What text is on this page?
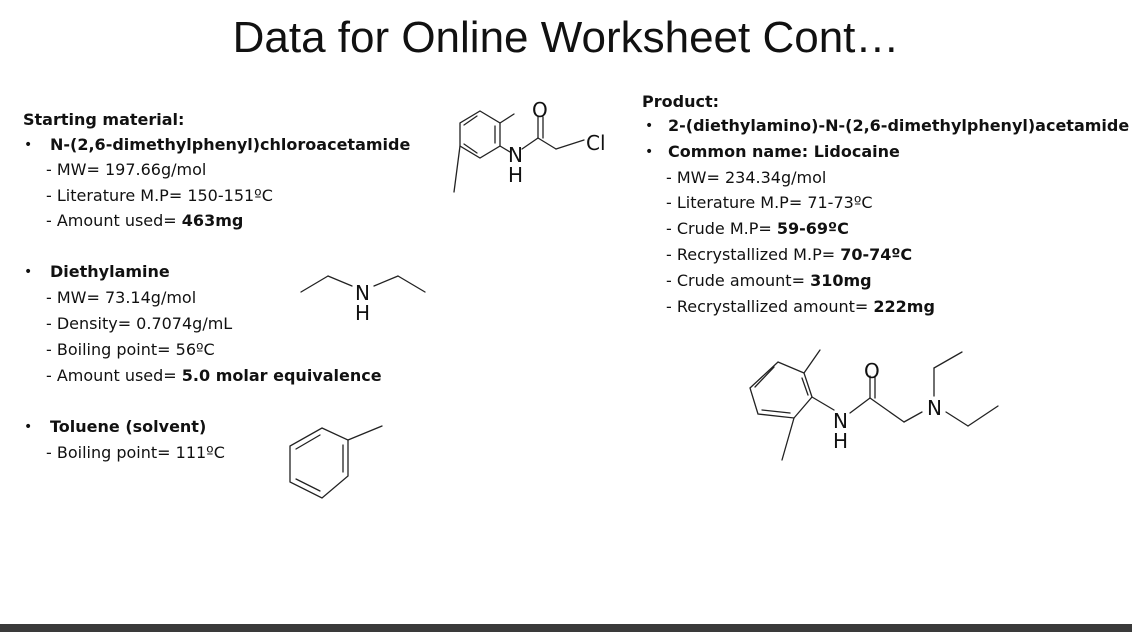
Data for Online Worksheet Cont…
Starting material:
• N-(2,6-dimethylphenyl)chloroacetamide
- MW= 197.66g/mol
- Literature M.P= 150-151ºC
- Amount used= 463mg
• Diethylamine
- MW= 73.14g/mol
- Density= 0.7074g/mL
- Boiling point= 56ºC
- Amount used= 5.0 molar equivalence
• Toluene (solvent)
- Boiling point= 111ºC
Product:
• 2-(diethylamino)-N-(2,6-dimethylphenyl)acetamide
• Common name: Lidocaine
- MW= 234.34g/mol
- Literature M.P= 71-73ºC
- Crude M.P= 59-69ºC
- Recrystallized M.P= 70-74ºC
- Crude amount= 310mg
- Recrystallized amount= 222mg
O
N
H
Cl
N
H
O
N
H
N
